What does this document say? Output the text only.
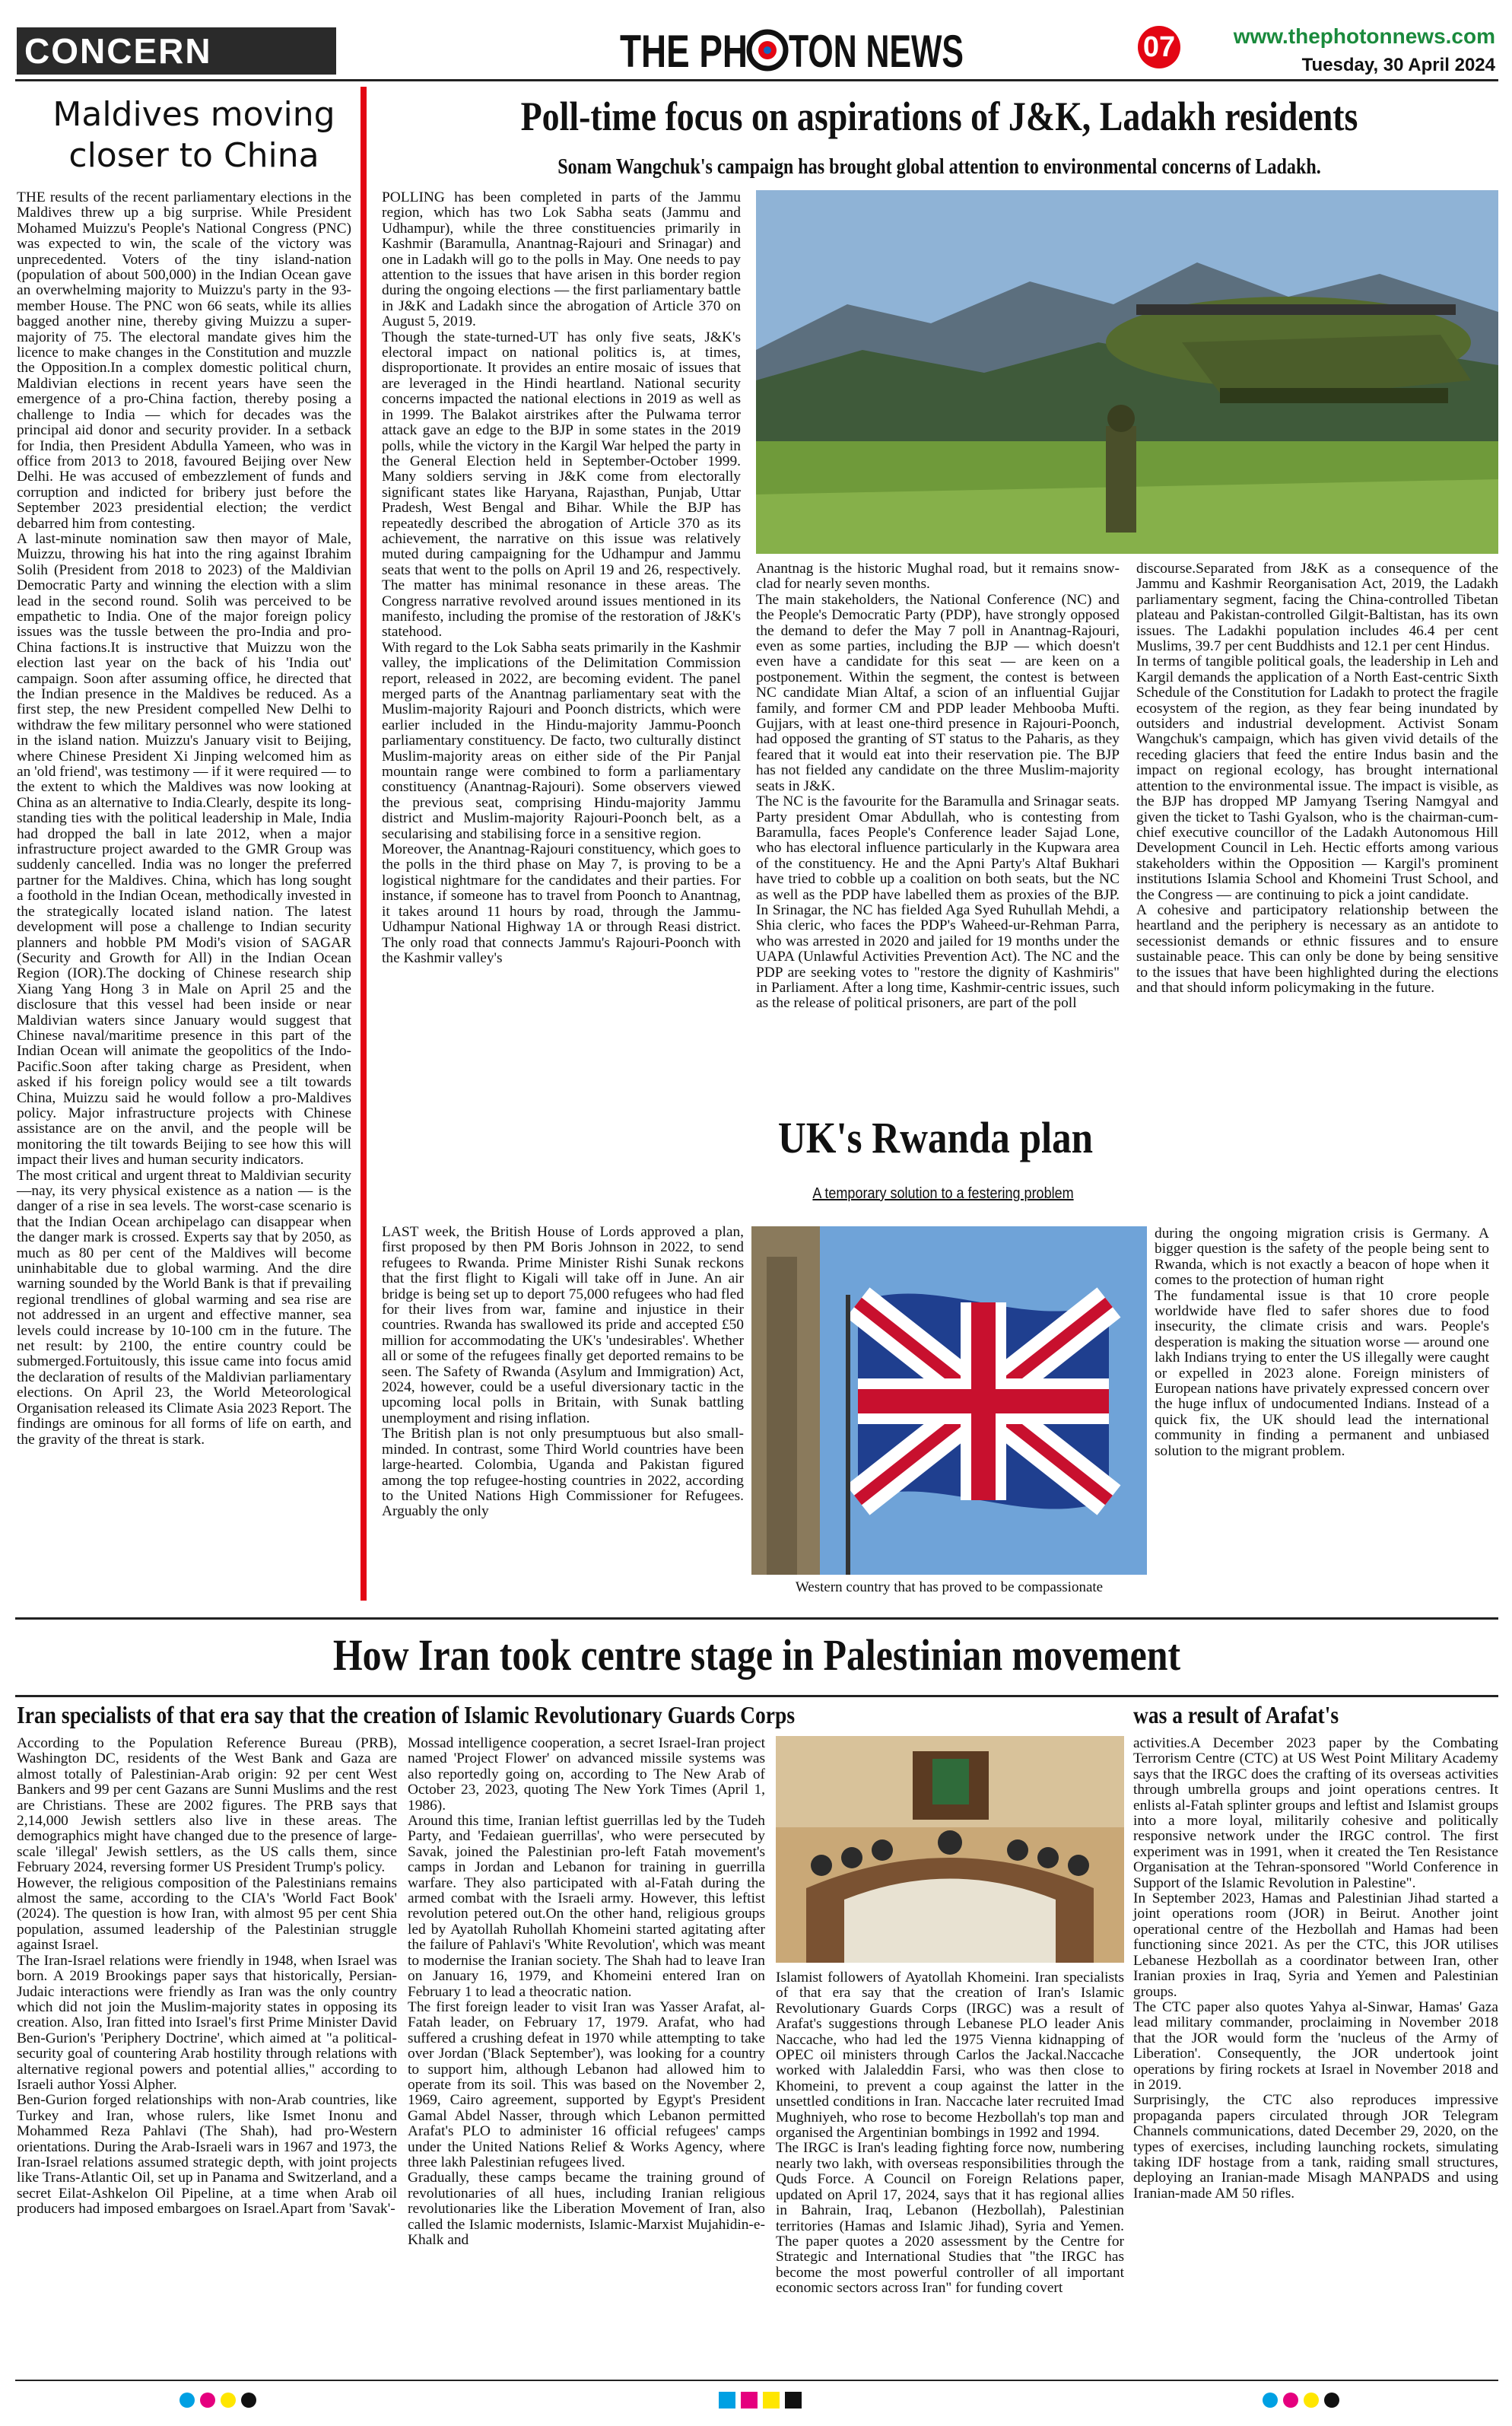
CONCERN	THE PH TON NEWS	07	www.thephotonnews.com
Tuesday, 30 April 2024
Maldives moving closer to China

THE results of the recent parliamentary elections in the Maldives threw up a big surprise. While President Mohamed Muizzu's People's National Congress (PNC) was expected to win, the scale of the victory was unprecedented. Voters of the tiny island-nation (population of about 500,000) in the Indian Ocean gave an overwhelming majority to Muizzu's party in the 93-member House. The PNC won 66 seats, while its allies bagged another nine, thereby giving Muizzu a super-majority of 75. The electoral mandate gives him the licence to make changes in the Constitution and muzzle the Opposition.In a complex domestic political churn, Maldivian elections in recent years have seen the emergence of a pro-China faction, thereby posing a challenge to India — which for decades was the principal aid donor and security provider. In a setback for India, then President Abdulla Yameen, who was in office from 2013 to 2018, favoured Beijing over New Delhi. He was accused of embezzlement of funds and corruption and indicted for bribery just before the September 2023 presidential election; the verdict debarred him from contesting.

A last-minute nomination saw then mayor of Male, Muizzu, throwing his hat into the ring against Ibrahim Solih (President from 2018 to 2023) of the Maldivian Democratic Party and winning the election with a slim lead in the second round. Solih was perceived to be empathetic to India. One of the major foreign policy issues was the tussle between the pro-India and pro-China factions.It is instructive that Muizzu won the election last year on the back of his 'India out' campaign. Soon after assuming office, he directed that the Indian presence in the Maldives be reduced. As a first step, the new President compelled New Delhi to withdraw the few military personnel who were stationed in the island nation. Muizzu's January visit to Beijing, where Chinese President Xi Jinping welcomed him as an 'old friend', was testimony — if it were required — to the extent to which the Maldives was now looking at China as an alternative to India.Clearly, despite its long-standing ties with the political leadership in Male, India had dropped the ball in late 2012, when a major infrastructure project awarded to the GMR Group was suddenly cancelled. India was no longer the preferred partner for the Maldives. China, which has long sought a foothold in the Indian Ocean, methodically invested in the strategically located island nation. The latest development will pose a challenge to Indian security planners and hobble PM Modi's vision of SAGAR (Security and Growth for All) in the Indian Ocean Region (IOR).The docking of Chinese research ship Xiang Yang Hong 3 in Male on April 25 and the disclosure that this vessel had been inside or near Maldivian waters since January would suggest that Chinese naval/maritime presence in this part of the Indian Ocean will animate the geopolitics of the Indo-Pacific.Soon after taking charge as President, when asked if his foreign policy would see a tilt towards China, Muizzu said he would follow a pro-Maldives policy. Major infrastructure projects with Chinese assistance are on the anvil, and the people will be monitoring the tilt towards Beijing to see how this will impact their lives and human security indicators.

The most critical and urgent threat to Maldivian security —nay, its very physical existence as a nation — is the danger of a rise in sea levels. The worst-case scenario is that the Indian Ocean archipelago can disappear when the danger mark is crossed. Experts say that by 2050, as much as 80 per cent of the Maldives will become uninhabitable due to global warming. And the dire warning sounded by the World Bank is that if prevailing regional trendlines of global warming and sea rise are not addressed in an urgent and effective manner, sea levels could increase by 10-100 cm in the future. The net result: by 2100, the entire country could be submerged.Fortuitously, this issue came into focus amid the declaration of results of the Maldivian parliamentary elections. On April 23, the World Meteorological Organisation released its Climate Asia 2023 Report. The findings are ominous for all forms of life on earth, and the gravity of the threat is stark.

Poll-time focus on aspirations of J&K, Ladakh residents
Sonam Wangchuk's campaign has brought global attention to environmental concerns of Ladakh.

POLLING has been completed in parts of the Jammu region, which has two Lok Sabha seats (Jammu and Udhampur), while the three constituencies primarily in Kashmir (Baramulla, Anantnag-Rajouri and Srinagar) and one in Ladakh will go to the polls in May. One needs to pay attention to the issues that have arisen in this border region during the ongoing elections — the first parliamentary battle in J&K and Ladakh since the abrogation of Article 370 on August 5, 2019.

Though the state-turned-UT has only five seats, J&K's electoral impact on national politics is, at times, disproportionate. It provides an entire mosaic of issues that are leveraged in the Hindi heartland. National security concerns impacted the national elections in 2019 as well as in 1999. The Balakot airstrikes after the Pulwama terror attack gave an edge to the BJP in some states in the 2019 polls, while the victory in the Kargil War helped the party in the General Election held in September-October 1999. Many soldiers serving in J&K come from electorally significant states like Haryana, Rajasthan, Punjab, Uttar Pradesh, West Bengal and Bihar. While the BJP has repeatedly described the abrogation of Article 370 as its achievement, the narrative on this issue was relatively muted during campaigning for the Udhampur and Jammu seats that went to the polls on April 19 and 26, respectively. The matter has minimal resonance in these areas. The Congress narrative revolved around issues mentioned in its manifesto, including the promise of the restoration of J&K's statehood.

With regard to the Lok Sabha seats primarily in the Kashmir valley, the implications of the Delimitation Commission report, released in 2022, are becoming evident. The panel merged parts of the Anantnag parliamentary seat with the Muslim-majority Rajouri and Poonch districts, which were earlier included in the Hindu-majority Jammu-Poonch parliamentary constituency. De facto, two culturally distinct Muslim-majority areas on either side of the Pir Panjal mountain range were combined to form a parliamentary constituency (Anantnag-Rajouri). Some observers viewed the previous seat, comprising Hindu-majority Jammu district and Muslim-majority Rajouri-Poonch belt, as a secularising and stabilising force in a sensitive region.

Moreover, the Anantnag-Rajouri constituency, which goes to the polls in the third phase on May 7, is proving to be a logistical nightmare for the candidates and their parties. For instance, if someone has to travel from Poonch to Anantnag, it takes around 11 hours by road, through the Jammu-Udhampur National Highway 1A or through Reasi district. The only road that connects Jammu's Rajouri-Poonch with the Kashmir valley's

Anantnag is the historic Mughal road, but it remains snow-clad for nearly seven months.

The main stakeholders, the National Conference (NC) and the People's Democratic Party (PDP), have strongly opposed the demand to defer the May 7 poll in Anantnag-Rajouri, even as some parties, including the BJP — which doesn't even have a candidate for this seat — are keen on a postponement. Within the segment, the contest is between NC candidate Mian Altaf, a scion of an influential Gujjar family, and former CM and PDP leader Mehbooba Mufti. Gujjars, with at least one-third presence in Rajouri-Poonch, had opposed the granting of ST status to the Paharis, as they feared that it would eat into their reservation pie. The BJP has not fielded any candidate on the three Muslim-majority seats in J&K.

The NC is the favourite for the Baramulla and Srinagar seats. Party president Omar Abdullah, who is contesting from Baramulla, faces People's Conference leader Sajad Lone, who has electoral influence particularly in the Kupwara area of the constituency. He and the Apni Party's Altaf Bukhari have tried to cobble up a coalition on both seats, but the NC as well as the PDP have labelled them as proxies of the BJP. In Srinagar, the NC has fielded Aga Syed Ruhullah Mehdi, a Shia cleric, who faces the PDP's Waheed-ur-Rehman Parra, who was arrested in 2020 and jailed for 19 months under the UAPA (Unlawful Activities Prevention Act). The NC and the PDP are seeking votes to "restore the dignity of Kashmiris" in Parliament. After a long time, Kashmir-centric issues, such as the release of political prisoners, are part of the poll

discourse.Separated from J&K as a consequence of the Jammu and Kashmir Reorganisation Act, 2019, the Ladakh parliamentary segment, facing the China-controlled Tibetan plateau and Pakistan-controlled Gilgit-Baltistan, has its own issues. The Ladakhi population includes 46.4 per cent Muslims, 39.7 per cent Buddhists and 12.1 per cent Hindus.

In terms of tangible political goals, the leadership in Leh and Kargil demands the application of a North East-centric Sixth Schedule of the Constitution for Ladakh to protect the fragile ecosystem of the region, as they fear being inundated by outsiders and industrial development. Activist Sonam Wangchuk's campaign, which has given vivid details of the receding glaciers that feed the entire Indus basin and the impact on regional ecology, has brought international attention to the environmental issue. The impact is visible, as the BJP has dropped MP Jamyang Tsering Namgyal and given the ticket to Tashi Gyalson, who is the chairman-cum-chief executive councillor of the Ladakh Autonomous Hill Development Council in Leh. Hectic efforts among various stakeholders within the Opposition — Kargil's prominent institutions Islamia School and Khomeini Trust School, and the Congress — are continuing to pick a joint candidate.

A cohesive and participatory relationship between the heartland and the periphery is necessary as an antidote to secessionist demands or ethnic fissures and to ensure sustainable peace. This can only be done by being sensitive to the issues that have been highlighted during the elections and that should inform policymaking in the future.

UK's Rwanda plan
A temporary solution to a festering problem

LAST week, the British House of Lords approved a plan, first proposed by then PM Boris Johnson in 2022, to send refugees to Rwanda. Prime Minister Rishi Sunak reckons that the first flight to Kigali will take off in June. An air bridge is being set up to deport 75,000 refugees who had fled for their lives from war, famine and injustice in their countries. Rwanda has swallowed its pride and accepted £50 million for accommodating the UK's 'undesirables'. Whether all or some of the refugees finally get deported remains to be seen. The Safety of Rwanda (Asylum and Immigration) Act, 2024, however, could be a useful diversionary tactic in the upcoming local polls in Britain, with Sunak battling unemployment and rising inflation.

The British plan is not only presumptuous but also small-minded. In contrast, some Third World countries have been large-hearted. Colombia, Uganda and Pakistan figured among the top refugee-hosting countries in 2022, according to the United Nations High Commissioner for Refugees. Arguably the only

Western country that has proved to be compassionate

during the ongoing migration crisis is Germany. A bigger question is the safety of the people being sent to Rwanda, which is not exactly a beacon of hope when it comes to the protection of human right

The fundamental issue is that 10 crore people worldwide have fled to safer shores due to food insecurity, the climate crisis and wars. People's desperation is making the situation worse — around one lakh Indians trying to enter the US illegally were caught or expelled in 2023 alone. Foreign ministers of European nations have privately expressed concern over the huge influx of undocumented Indians. Instead of a quick fix, the UK should lead the international community in finding a permanent and unbiased solution to the migrant problem.

How Iran took centre stage in Palestinian movement
Iran specialists of that era say that the creation of Islamic Revolutionary Guards Corps	was a result of Arafat's

According to the Population Reference Bureau (PRB), Washington DC, residents of the West Bank and Gaza are almost totally of Palestinian-Arab origin: 92 per cent West Bankers and 99 per cent Gazans are Sunni Muslims and the rest are Christians. These are 2002 figures. The PRB says that 2,14,000 Jewish settlers also live in these areas. The demographics might have changed due to the presence of large-scale 'illegal' Jewish settlers, as the US calls them, since February 2024, reversing former US President Trump's policy.

However, the religious composition of the Palestinians remains almost the same, according to the CIA's 'World Fact Book' (2024). The question is how Iran, with almost 95 per cent Shia population, assumed leadership of the Palestinian struggle against Israel.

The Iran-Israel relations were friendly in 1948, when Israel was born. A 2019 Brookings paper says that historically, Persian-Judaic interactions were friendly as Iran was the only country which did not join the Muslim-majority states in opposing its creation. Also, Iran fitted into Israel's first Prime Minister David Ben-Gurion's 'Periphery Doctrine', which aimed at "a political-security goal of countering Arab hostility through relations with alternative regional powers and potential allies," according to Israeli author Yossi Alpher.

Ben-Gurion forged relationships with non-Arab countries, like Turkey and Iran, whose rulers, like Ismet Inonu and Mohammed Reza Pahlavi (The Shah), had pro-Western orientations. During the Arab-Israeli wars in 1967 and 1973, the Iran-Israel relations assumed strategic depth, with joint projects like Trans-Atlantic Oil, set up in Panama and Switzerland, and a secret Eilat-Ashkelon Oil Pipeline, at a time when Arab oil producers had imposed embargoes on Israel.Apart from 'Savak'-

Mossad intelligence cooperation, a secret Israel-Iran project named 'Project Flower' on advanced missile systems was also reportedly going on, according to The New Arab of October 23, 2023, quoting The New York Times (April 1, 1986).

Around this time, Iranian leftist guerrillas led by the Tudeh Party, and 'Fedaiean guerrillas', who were persecuted by Savak, joined the Palestinian pro-left Fatah movement's camps in Jordan and Lebanon for training in guerrilla warfare. They also participated with al-Fatah during the armed combat with the Israeli army. However, this leftist revolution petered out.On the other hand, religious groups led by Ayatollah Ruhollah Khomeini started agitating after the failure of Pahlavi's 'White Revolution', which was meant to modernise the Iranian society. The Shah had to leave Iran on January 16, 1979, and Khomeini entered Iran on February 1 to lead a theocratic nation.

The first foreign leader to visit Iran was Yasser Arafat, al-Fatah leader, on February 17, 1979. Arafat, who had suffered a crushing defeat in 1970 while attempting to take over Jordan ('Black September'), was looking for a country to support him, although Lebanon had allowed him to operate from its soil. This was based on the November 2, 1969, Cairo agreement, supported by Egypt's President Gamal Abdel Nasser, through which Lebanon permitted Arafat's PLO to administer 16 official refugees' camps under the United Nations Relief & Works Agency, where three lakh Palestinian refugees lived.

Gradually, these camps became the training ground of revolutionaries of all hues, including Iranian religious revolutionaries like the Liberation Movement of Iran, also called the Islamic modernists, Islamic-Marxist Mujahidin-e-Khalk and

Islamist followers of Ayatollah Khomeini. Iran specialists of that era say that the creation of Iran's Islamic Revolutionary Guards Corps (IRGC) was a result of Arafat's suggestions through Lebanese PLO leader Anis Naccache, who had led the 1975 Vienna kidnapping of OPEC oil ministers through Carlos the Jackal.Naccache worked with Jalaleddin Farsi, who was then close to Khomeini, to prevent a coup against the latter in the unsettled conditions in Iran. Naccache later recruited Imad Mughniyeh, who rose to become Hezbollah's top man and organised the Argentinian bombings in 1992 and 1994.

The IRGC is Iran's leading fighting force now, numbering nearly two lakh, with overseas responsibilities through the Quds Force. A Council on Foreign Relations paper, updated on April 17, 2024, says that it has regional allies in Bahrain, Iraq, Lebanon (Hezbollah), Palestinian territories (Hamas and Islamic Jihad), Syria and Yemen. The paper quotes a 2020 assessment by the Centre for Strategic and International Studies that "the IRGC has become the most powerful controller of all important economic sectors across Iran" for funding covert

activities.A December 2023 paper by the Combating Terrorism Centre (CTC) at US West Point Military Academy says that the IRGC does the crafting of its overseas activities through umbrella groups and joint operations centres. It enlists al-Fatah splinter groups and leftist and Islamist groups into a more loyal, militarily cohesive and politically responsive network under the IRGC control. The first experiment was in 1991, when it created the Ten Resistance Organisation at the Tehran-sponsored "World Conference in Support of the Islamic Revolution in Palestine".

In September 2023, Hamas and Palestinian Jihad started a joint operations room (JOR) in Beirut. Another joint operational centre of the Hezbollah and Hamas had been functioning since 2021. As per the CTC, this JOR utilises Lebanese Hezbollah as a coordinator between Iran, other Iranian proxies in Iraq, Syria and Yemen and Palestinian groups.

The CTC paper also quotes Yahya al-Sinwar, Hamas' Gaza lead military commander, proclaiming in November 2018 that the JOR would form the 'nucleus of the Army of Liberation'. Consequently, the JOR undertook joint operations by firing rockets at Israel in November 2018 and in 2019.

Surprisingly, the CTC also reproduces impressive propaganda papers circulated through JOR Telegram Channels communications, dated December 29, 2020, on the types of exercises, including launching rockets, simulating taking IDF hostage from a tank, raiding small structures, deploying an Iranian-made Misagh MANPADS and using Iranian-made AM 50 rifles.
